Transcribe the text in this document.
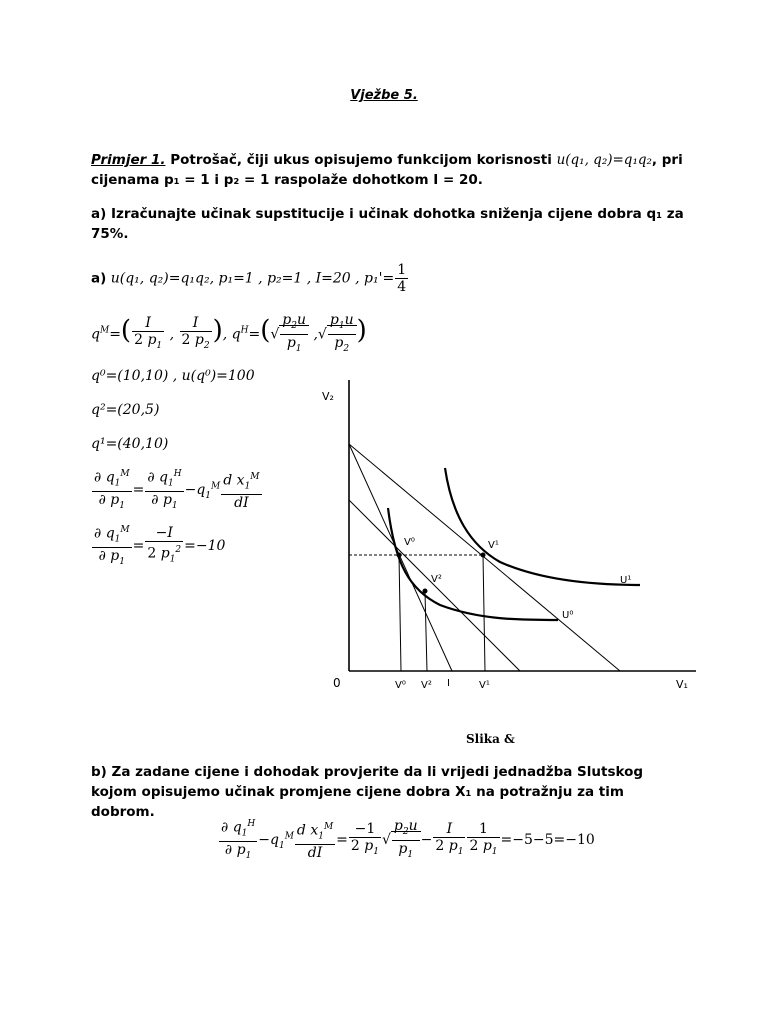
Vježbe 5.
Primjer 1. Potrošač, čiji ukus opisujemo funkcijom korisnosti u(q₁, q₂)=q₁q₂, pri
cijenama p₁ = 1 i p₂ = 1 raspolaže dohotkom I = 20.
a) Izračunajte učinak supstitucije i učinak dohotka sniženja cijene dobra q₁ za 75%.
a) u(q₁, q₂)=q₁q₂, p₁=1 , p₂=1 , I=20 , $p_1'= \frac{1}{4}$
$q^M=( \frac{I}{2 p_1}$ , $\frac{I}{2 p_2}$ ), $q^H=(√ \frac{p_2u}{p_1}$ ,√ $\frac{p_1u}{p_2}$ )
q⁰=(10,10) , u(q⁰)=100
q²=(20,5)
q¹=(40,10)
$\frac{\partial q_1^M}{\partial p_1} = \frac{\partial q_1^H}{\partial p_1} -q_1^M \frac{d x_1^M}{dI}$
$\frac{\partial q_1^M}{\partial p_1} = \frac{-I}{2 p_1^2} =-10$
V₂
0	V₁
V⁰	V¹
V²	U¹
U⁰
V⁰ V² I	V¹
Slika &
b) Za zadane cijene i dohodak provjerite da li vrijedi jednadžba Slutskog kojom opisujemo učinak promjene cijene dobra X₁ na potražnju za tim dobrom.
$\frac{\partial q_1^H}{\partial p_1} -q_1^M \frac{d x_1^M}{dI} = \frac{-1}{2 p_1}$ √ $\frac{p_2u}{p_1} - \frac{I}{2 p_1} \frac{1}{2 p_1} =-5-5=-10$
